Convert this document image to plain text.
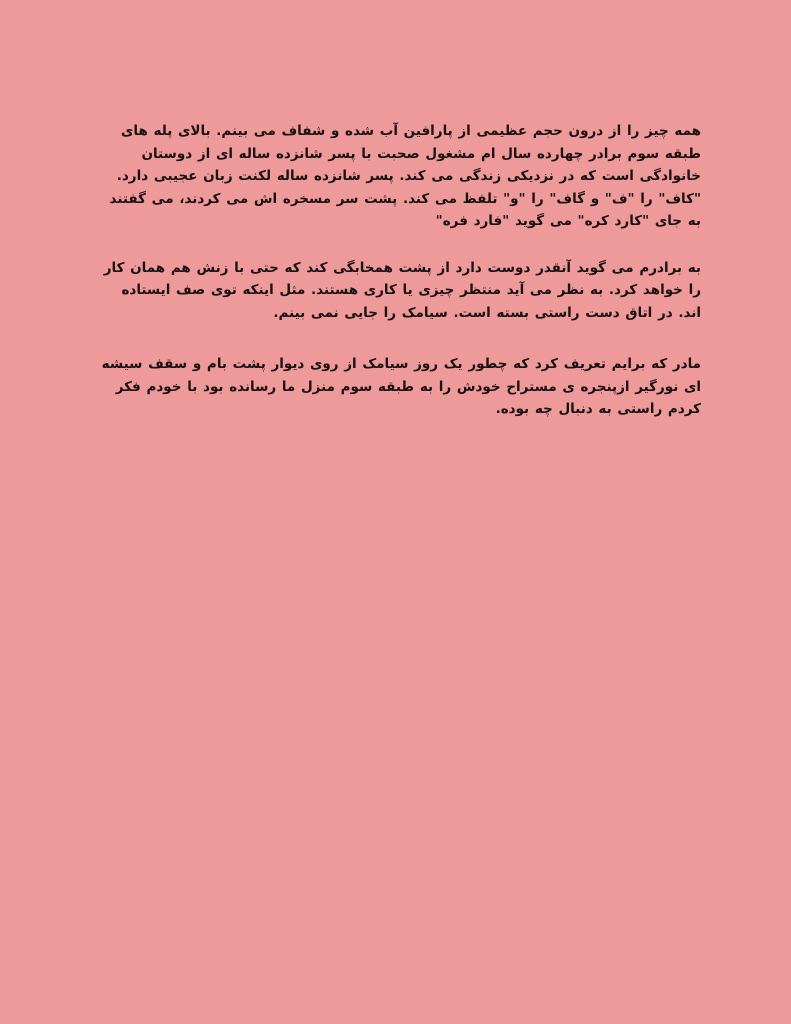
همه چیز را از درون حجم عظیمی از پارافین آب شده و شفاف می بینم. بالای پله های طبقه سوم برادر چهارده سال ام مشغول صحبت با پسر شانزده ساله ای از دوستان خانوادگی است که در نزدیکی زندگی می کند. پسر شانزده ساله لکنت زبان عجیبی دارد. "کاف" را "ف" و گاف" را "و" تلفظ می کند. پشت سر مسخره اش می کردند، می گفتند به جای "کارد کره" می گوید "فارد فره"

به برادرم می گوید آنقدر دوست دارد از پشت همخابگی کند که حتی با زنش هم همان کار را خواهد کرد. به نظر می آید منتظر چیزی یا کاری هستند. مثل اینکه توی صف ایستاده اند. در اتاق دست راستی بسته است. سیامک را جایی نمی بینم.

مادر که برایم تعریف کرد که چطور یک روز سیامک از روی دیوار پشت بام و سقف سیشه ای نورگیر ازپنجره ی مستراح خودش را به طبقه سوم منزل ما رسانده بود با خودم فکر کردم راستی به دنبال چه بوده.
